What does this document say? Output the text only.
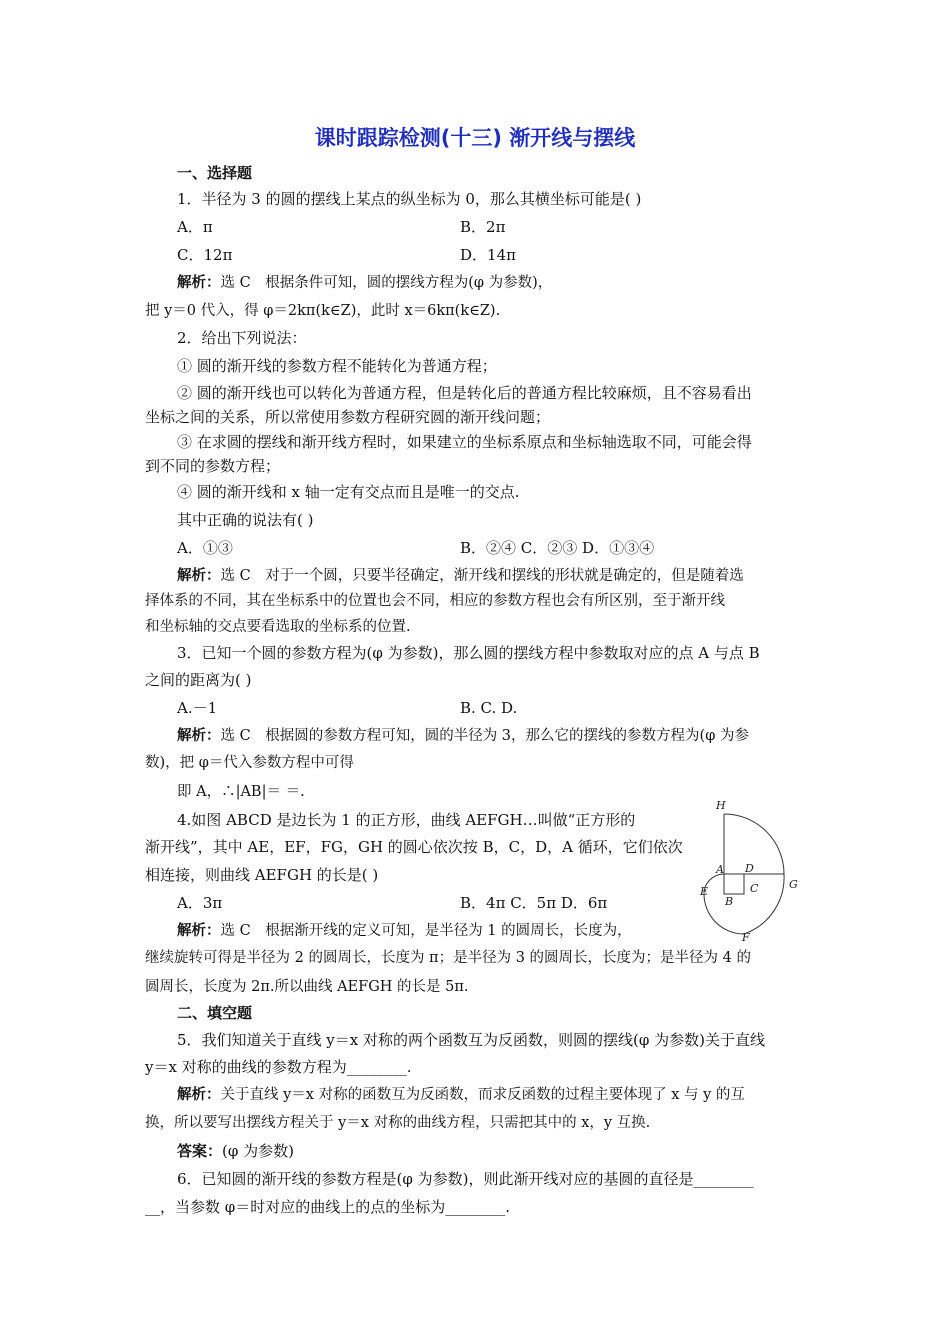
课时跟踪检测(十三) 渐开线与摆线
一、选择题
1．半径为 3 的圆的摆线上某点的纵坐标为 0，那么其横坐标可能是( )
A．π	B．2π
C．12π	D．14π
解析：选 C　根据条件可知，圆的摆线方程为(φ 为参数)，
把 y＝0 代入，得 φ＝2kπ(k∈Z)，此时 x＝6kπ(k∈Z).
2．给出下列说法：
① 圆的渐开线的参数方程不能转化为普通方程；
② 圆的渐开线也可以转化为普通方程，但是转化后的普通方程比较麻烦，且不容易看出
坐标之间的关系，所以常使用参数方程研究圆的渐开线问题；
③ 在求圆的摆线和渐开线方程时，如果建立的坐标系原点和坐标轴选取不同，可能会得
到不同的参数方程；
④ 圆的渐开线和 x 轴一定有交点而且是唯一的交点.
其中正确的说法有( )
A．①③	B．②④ C．②③ D．①③④
解析：选 C　对于一个圆，只要半径确定，渐开线和摆线的形状就是确定的，但是随着选
择体系的不同，其在坐标系中的位置也会不同，相应的参数方程也会有所区别，至于渐开线
和坐标轴的交点要看选取的坐标系的位置.
3．已知一个圆的参数方程为(φ 为参数)，那么圆的摆线方程中参数取对应的点 A 与点 B
之间的距离为( )
A.－1	B. C. D.
解析：选 C　根据圆的参数方程可知，圆的半径为 3，那么它的摆线的参数方程为(φ 为参
数)，把 φ＝代入参数方程中可得
即 A，∴|AB|＝ ＝.
4.如图 ABCD 是边长为 1 的正方形，曲线 AEFGH…叫做“正方形的
渐开线”，其中 AE，EF，FG，GH 的圆心依次按 B，C，D，A 循环，它们依次
相连接，则曲线 AEFGH 的长是( )
A．3π	B．4π C．5π D．6π
解析：选 C　根据渐开线的定义可知，是半径为 1 的圆周长，长度为，
继续旋转可得是半径为 2 的圆周长，长度为 π；是半径为 3 的圆周长，长度为；是半径为 4 的
圆周长，长度为 2π.所以曲线 AEFGH 的长是 5π.
H
A D
G
E	C
B
F
二、填空题
5．我们知道关于直线 y＝x 对称的两个函数互为反函数，则圆的摆线(φ 为参数)关于直线
y＝x 对称的曲线的参数方程为________.
解析：关于直线 y＝x 对称的函数互为反函数，而求反函数的过程主要体现了 x 与 y 的互
换，所以要写出摆线方程关于 y＝x 对称的曲线方程，只需把其中的 x，y 互换.
答案：(φ 为参数)
6．已知圆的渐开线的参数方程是(φ 为参数)，则此渐开线对应的基圆的直径是________
__，当参数 φ＝时对应的曲线上的点的坐标为________.
